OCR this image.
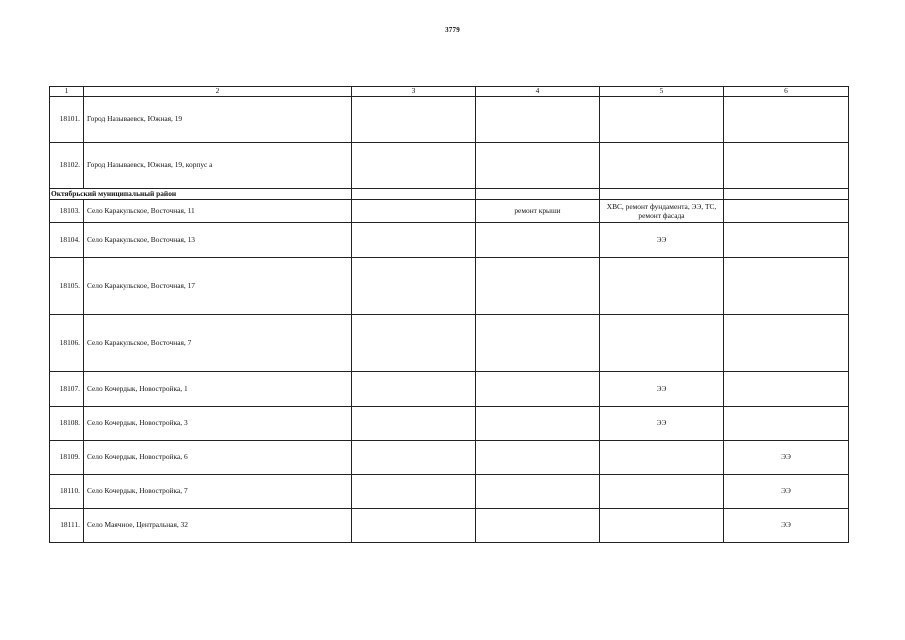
3779
1	2	3	4	5	6
18101.	Город Называевск, Южная, 19				
18102.	Город Называевск, Южная, 19, корпус а				
Октябрьский муниципальный район					
18103.	Село Каракульское, Восточная, 11		ремонт крыши	ХВС, ремонт фундамента, ЭЭ, ТС, ремонт фасада	
18104.	Село Каракульское, Восточная, 13			ЭЭ	
18105.	Село Каракульское, Восточная, 17				
18106.	Село Каракульское, Восточная, 7				
18107.	Село Кочердык, Новостройка, 1			ЭЭ	
18108.	Село Кочердык, Новостройка, 3			ЭЭ	
18109.	Село Кочердык, Новостройка, 6				ЭЭ
18110.	Село Кочердык, Новостройка, 7				ЭЭ
18111.	Село Маячное, Центральная, 32				ЭЭ
